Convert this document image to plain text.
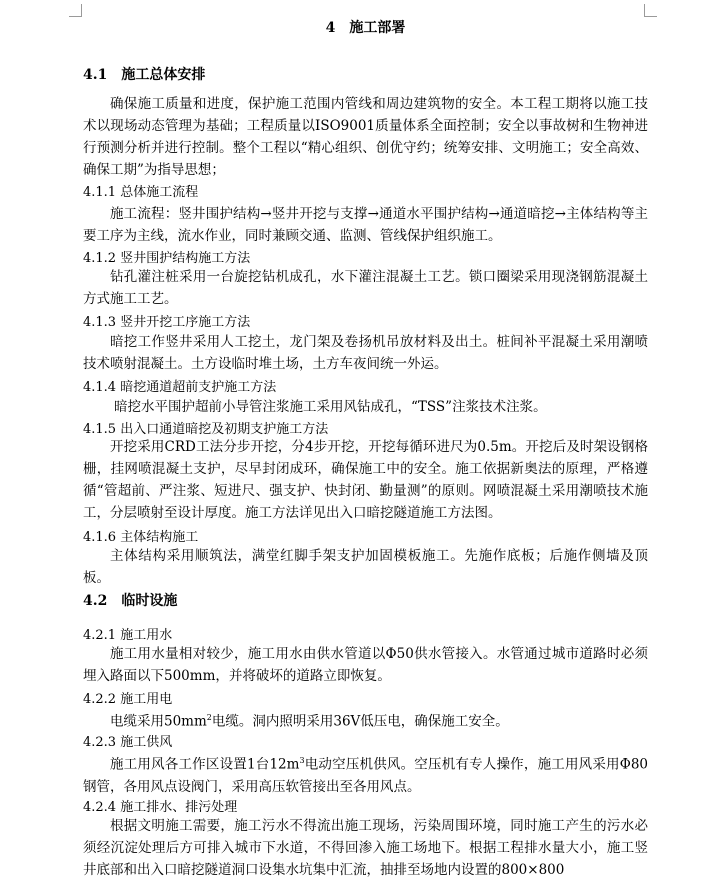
4　施工部署
4.1　施工总体安排

确保施工质量和进度，保护施工范围内管线和周边建筑物的安全。本工程工期将以施工技术以现场动态管理为基础；工程质量以ISO9001质量体系全面控制；安全以事故树和生物神进行预测分析并进行控制。整个工程以“精心组织、创优守约；统筹安排、文明施工；安全高效、确保工期”为指导思想；

4.1.1 总体施工流程

施工流程：竖井围护结构→竖井开挖与支撑→通道水平围护结构→通道暗挖→主体结构等主要工序为主线，流水作业，同时兼顾交通、监测、管线保护组织施工。

4.1.2 竖井围护结构施工方法

钻孔灌注桩采用一台旋挖钻机成孔，水下灌注混凝土工艺。锁口圈梁采用现浇钢筋混凝土方式施工工艺。

4.1.3 竖井开挖工序施工方法

暗挖工作竖井采用人工挖土，龙门架及卷扬机吊放材料及出土。桩间补平混凝土采用潮喷技术喷射混凝土。土方设临时堆土场，土方车夜间统一外运。

4.1.4 暗挖通道超前支护施工方法

暗挖水平围护超前小导管注浆施工采用风钻成孔，“TSS”注浆技术注浆。

4.1.5 出入口通道暗挖及初期支护施工方法

开挖采用CRD工法分步开挖，分4步开挖，开挖每循环进尺为0.5m。开挖后及时架设钢格栅，挂网喷混凝土支护，尽早封闭成环，确保施工中的安全。施工依据新奥法的原理，严格遵循“管超前、严注浆、短进尺、强支护、快封闭、勤量测”的原则。网喷混凝土采用潮喷技术施工，分层喷射至设计厚度。施工方法详见出入口暗挖隧道施工方法图。

4.1.6 主体结构施工

主体结构采用顺筑法，满堂红脚手架支护加固模板施工。先施作底板；后施作侧墙及顶板。

4.2　临时设施
4.2.1 施工用水

施工用水量相对较少，施工用水由供水管道以Φ50供水管接入。水管通过城市道路时必须埋入路面以下500mm，并将破坏的道路立即恢复。

4.2.2 施工用电

电缆采用$50mm^2$电缆。洞内照明采用36V低压电，确保施工安全。

4.2.3 施工供风

施工用风各工作区设置1台$12m^3$电动空压机供风。空压机有专人操作，施工用风采用Φ80钢管，各用风点设阀门，采用高压软管接出至各用风点。

4.2.4 施工排水、排污处理

根据文明施工需要，施工污水不得流出施工现场，污染周围环境，同时施工产生的污水必须经沉淀处理后方可排入城市下水道，不得回渗入施工场地下。根据工程排水量大小，施工竖井底部和出入口暗挖隧道洞口设集水坑集中汇流，抽排至场地内设置的800×800
